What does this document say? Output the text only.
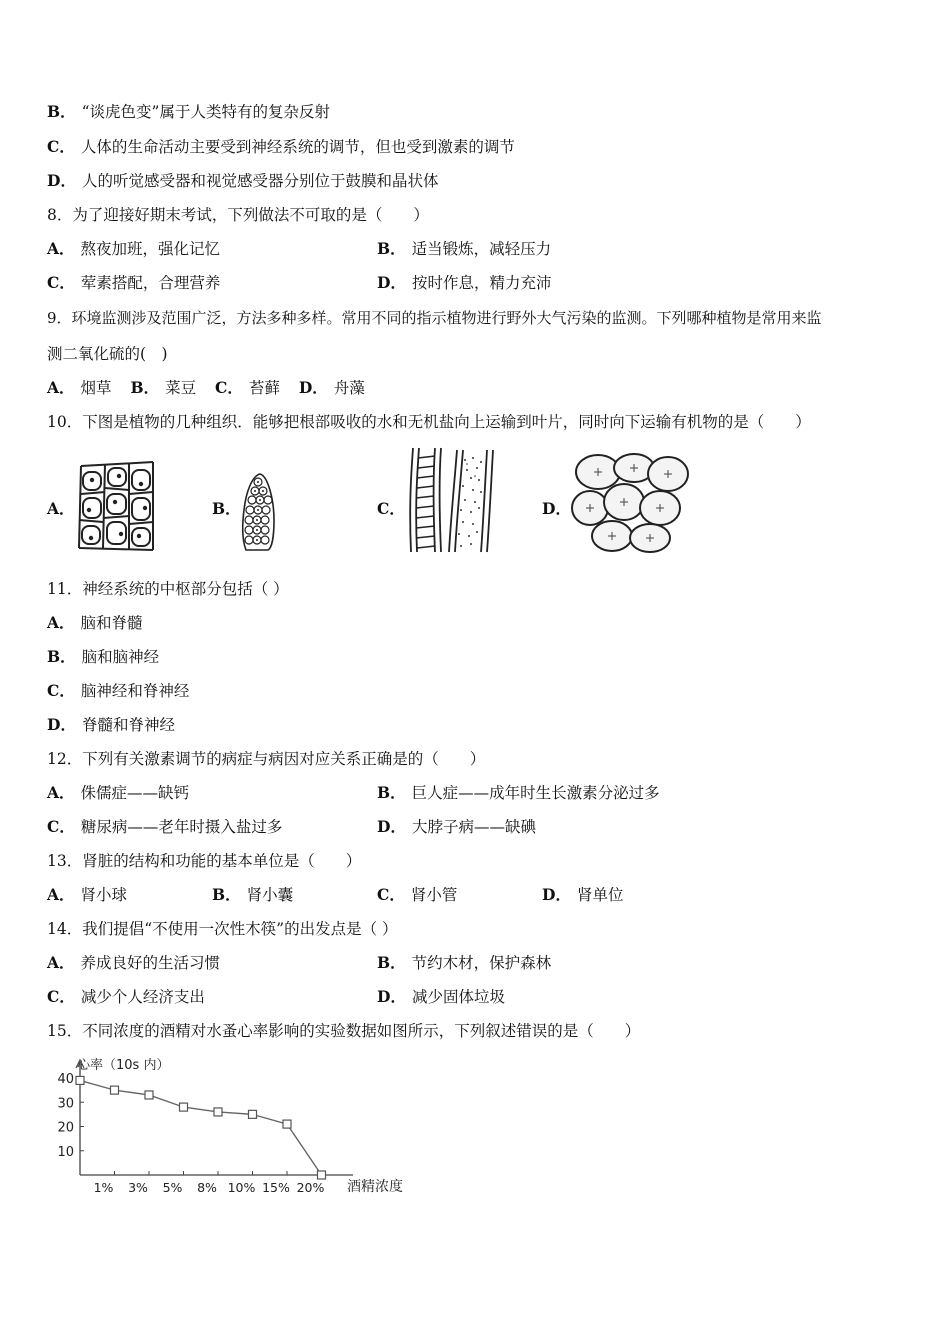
B． “谈虎色变”属于人类特有的复杂反射
C． 人体的生命活动主要受到神经系统的调节，但也受到激素的调节
D． 人的听觉感受器和视觉感受器分别位于鼓膜和晶状体
8．为了迎接好期末考试，下列做法不可取的是（　　）
A． 熬夜加班，强化记忆	B． 适当锻炼，减轻压力
C． 荤素搭配，合理营养	D． 按时作息，精力充沛
9．环境监测涉及范围广泛，方法多种多样。常用不同的指示植物进行野外大气污染的监测。下列哪种植物是常用来监
测二氧化硫的(　)
A． 烟草 B． 菜豆 C． 苔藓 D． 舟藻
10．下图是植物的几种组织．能够把根部吸收的水和无机盐向上运输到叶片，同时向下运输有机物的是（　　）
A．	B．	C．	D．
11．神经系统的中枢部分包括（ ）
A． 脑和脊髓
B． 脑和脑神经
C． 脑神经和脊神经
D． 脊髓和脊神经
12．下列有关激素调节的病症与病因对应关系正确是的（　　）
A． 侏儒症——缺钙	B． 巨人症——成年时生长激素分泌过多
C． 糖尿病——老年时摄入盐过多	D． 大脖子病——缺碘
13．肾脏的结构和功能的基本单位是（　　）
A． 肾小球	B． 肾小囊	C． 肾小管	D． 肾单位
14．我们提倡“不使用一次性木筷”的出发点是（ ）
A． 养成良好的生活习惯	B． 节约木材，保护森林
C． 减少个人经济支出	D． 减少固体垃圾
15．不同浓度的酒精对水蚤心率影响的实验数据如图所示，下列叙述错误的是（　　）
心率（10s 内）
酒精浓度
10
20
30
40
1% 3% 5% 8% 10% 15% 20%
